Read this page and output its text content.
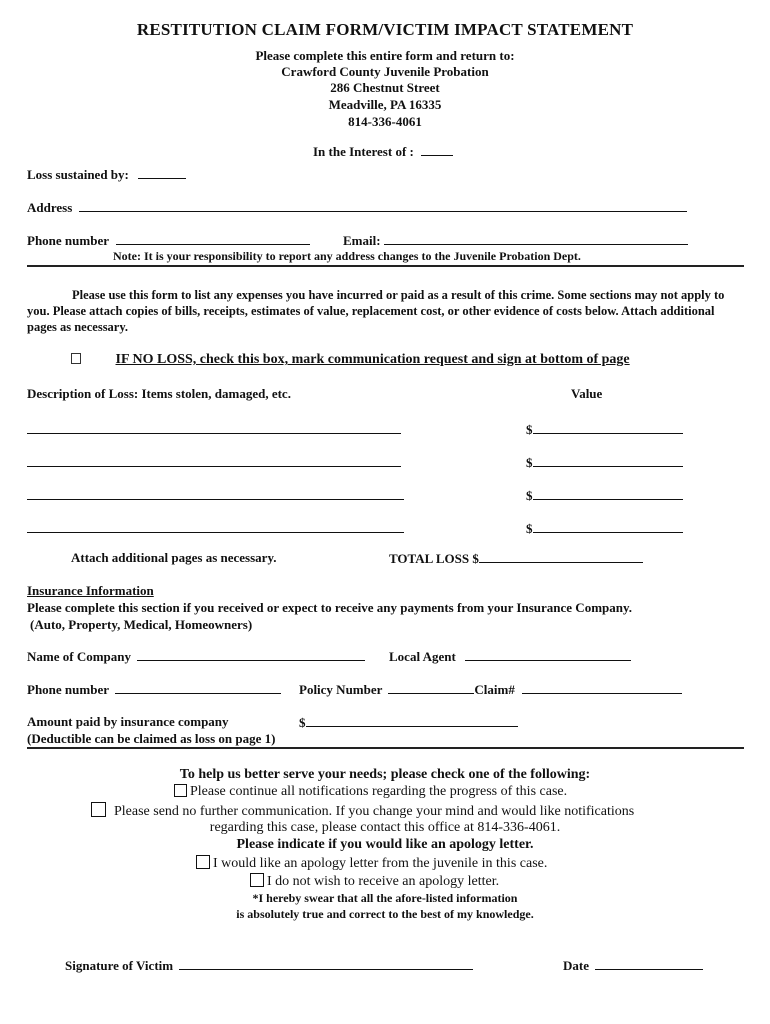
RESTITUTION CLAIM FORM/VICTIM IMPACT STATEMENT
Please complete this entire form and return to:
Crawford County Juvenile Probation
286 Chestnut Street
Meadville, PA 16335
814-336-4061
In the Interest of :
Loss sustained by:
Address
Phone number	Email:
Note: It is your responsibility to report any address changes to the Juvenile Probation Dept.
Please use this form to list any expenses you have incurred or paid as a result of this crime. Some sections may not apply to you. Please attach copies of bills, receipts, estimates of value, replacement cost, or other evidence of costs below. Attach additional pages as necessary.
IF NO LOSS, check this box, mark communication request and sign at bottom of page
Description of Loss: Items stolen, damaged, etc.	Value
$
$
$
$
Attach additional pages as necessary.	TOTAL LOSS $
Insurance Information
Please complete this section if you received or expect to receive any payments from your Insurance Company.
(Auto, Property, Medical, Homeowners)
Name of Company	Local Agent
Phone number	Policy Number	Claim#
Amount paid by insurance company	$
(Deductible can be claimed as loss on page 1)
To help us better serve your needs; please check one of the following:
Please continue all notifications regarding the progress of this case.
Please send no further communication. If you change your mind and would like notifications
regarding this case, please contact this office at 814-336-4061.
Please indicate if you would like an apology letter.
I would like an apology letter from the juvenile in this case.
I do not wish to receive an apology letter.
*I hereby swear that all the afore-listed information
is absolutely true and correct to the best of my knowledge.
Signature of Victim	Date
